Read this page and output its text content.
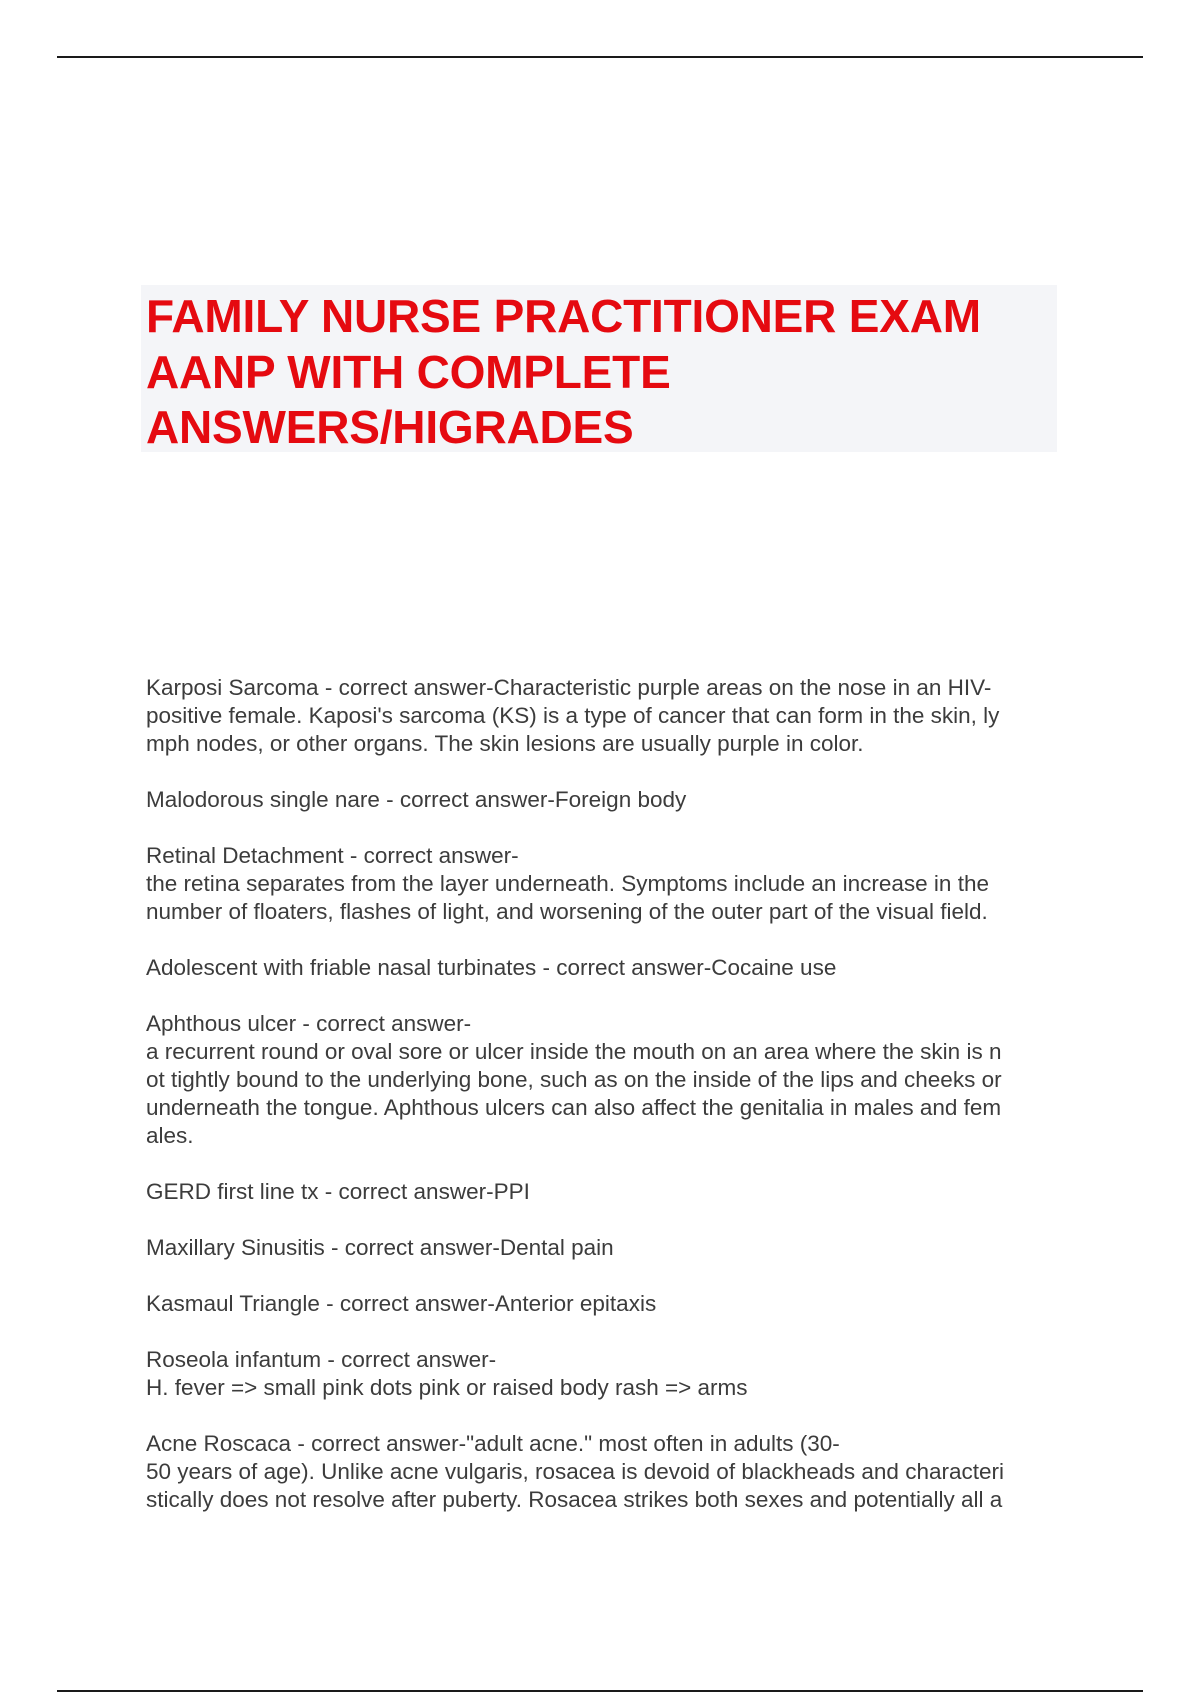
FAMILY NURSE PRACTITIONER EXAM
AANP WITH COMPLETE
ANSWERS/HIGRADES
Karposi Sarcoma - correct answer-Characteristic purple areas on the nose in an HIV-
positive female. Kaposi's sarcoma (KS) is a type of cancer that can form in the skin, ly
mph nodes, or other organs. The skin lesions are usually purple in color.
Malodorous single nare - correct answer-Foreign body
Retinal Detachment - correct answer-
the retina separates from the layer underneath. Symptoms include an increase in the
number of floaters, flashes of light, and worsening of the outer part of the visual field.
Adolescent with friable nasal turbinates - correct answer-Cocaine use
Aphthous ulcer - correct answer-
a recurrent round or oval sore or ulcer inside the mouth on an area where the skin is n
ot tightly bound to the underlying bone, such as on the inside of the lips and cheeks or
underneath the tongue. Aphthous ulcers can also affect the genitalia in males and fem
ales.
GERD first line tx - correct answer-PPI
Maxillary Sinusitis - correct answer-Dental pain
Kasmaul Triangle - correct answer-Anterior epitaxis
Roseola infantum - correct answer-
H. fever => small pink dots pink or raised body rash => arms
Acne Roscaca - correct answer-"adult acne." most often in adults (30-
50 years of age). Unlike acne vulgaris, rosacea is devoid of blackheads and characteri
stically does not resolve after puberty. Rosacea strikes both sexes and potentially all a
